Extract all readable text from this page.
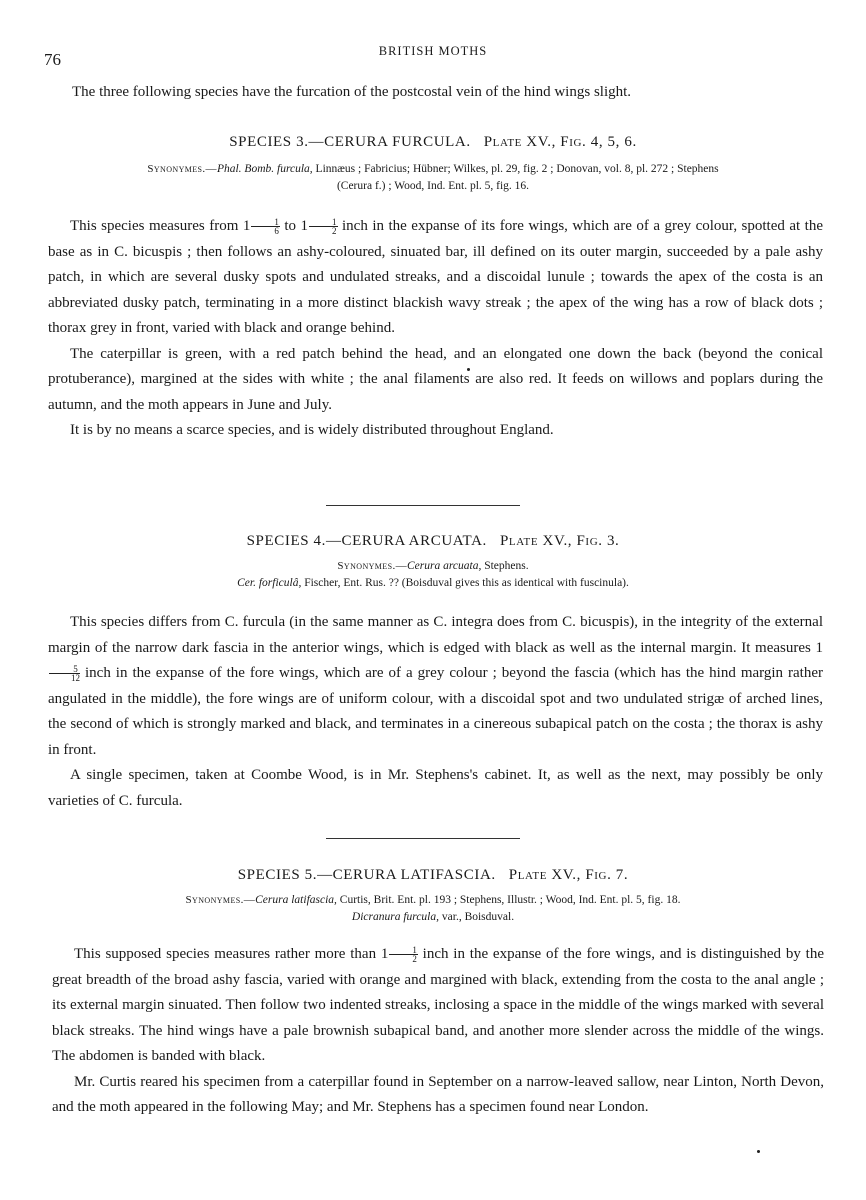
76	BRITISH MOTHS
The three following species have the furcation of the postcostal vein of the hind wings slight.

SPECIES 3.—CERURA FURCULA. Plate XV., Fig. 4, 5, 6.

Synonymes.—Phal. Bomb. furcula, Linnæus ; Fabricius; Hübner; Wilkes, pl. 29, fig. 2 ; Donovan, vol. 8, pl. 272 ; Stephens
(Cerura f.) ; Wood, Ind. Ent. pl. 5, fig. 16.

This species measures from $1 \frac{1}{6}$ to $1 \frac{1}{2}$ inch in the expanse of its fore wings, which are of a grey colour, spotted at the base as in C. bicuspis ; then follows an ashy-coloured, sinuated bar, ill defined on its outer margin, succeeded by a pale ashy patch, in which are several dusky spots and undulated streaks, and a discoidal lunule ; towards the apex of the costa is an abbreviated dusky patch, terminating in a more distinct blackish wavy streak ; the apex of the wing has a row of black dots ; thorax grey in front, varied with black and orange behind.

The caterpillar is green, with a red patch behind the head, and an elongated one down the back (beyond the conical protuberance), margined at the sides with white ; the anal filaments are also red. It feeds on willows and poplars during the autumn, and the moth appears in June and July.

It is by no means a scarce species, and is widely distributed throughout England.

SPECIES 4.—CERURA ARCUATA. Plate XV., Fig. 3.

Synonymes.—Cerura arcuata, Stephens.
Cer. forficulâ, Fischer, Ent. Rus. ?? (Boisduval gives this as identical with fuscinula).

This species differs from C. furcula (in the same manner as C. integra does from C. bicuspis), in the integrity of the external margin of the narrow dark fascia in the anterior wings, which is edged with black as well as the internal margin. It measures 1
$\frac{5}{12}$ inch in the expanse of the fore wings, which are of a grey colour ; beyond the fascia (which has the hind margin rather angulated in the middle), the fore wings are of uniform colour, with a discoidal spot and two undulated strigæ of arched lines, the second of which is strongly marked and black, and terminates in a cinereous subapical patch on the costa ; the thorax is ashy in front.

A single specimen, taken at Coombe Wood, is in Mr. Stephens's cabinet. It, as well as the next, may possibly be only varieties of C. furcula.

SPECIES 5.—CERURA LATIFASCIA. Plate XV., Fig. 7.

Synonymes.—Cerura latifascia, Curtis, Brit. Ent. pl. 193 ; Stephens, Illustr. ; Wood, Ind. Ent. pl. 5, fig. 18.
Dicranura furcula, var., Boisduval.

This supposed species measures rather more than $1 \frac{1}{2}$ inch in the expanse of the fore wings, and is distinguished by the great breadth of the broad ashy fascia, varied with orange and margined with black, extending from the costa to the anal angle ; its external margin sinuated. Then follow two indented streaks, inclosing a space in the middle of the wings marked with several black streaks. The hind wings have a pale brownish subapical band, and another more slender across the middle of the wings. The abdomen is banded with black.

Mr. Curtis reared his specimen from a caterpillar found in September on a narrow-leaved sallow, near Linton, North Devon, and the moth appeared in the following May; and Mr. Stephens has a specimen found near London.
